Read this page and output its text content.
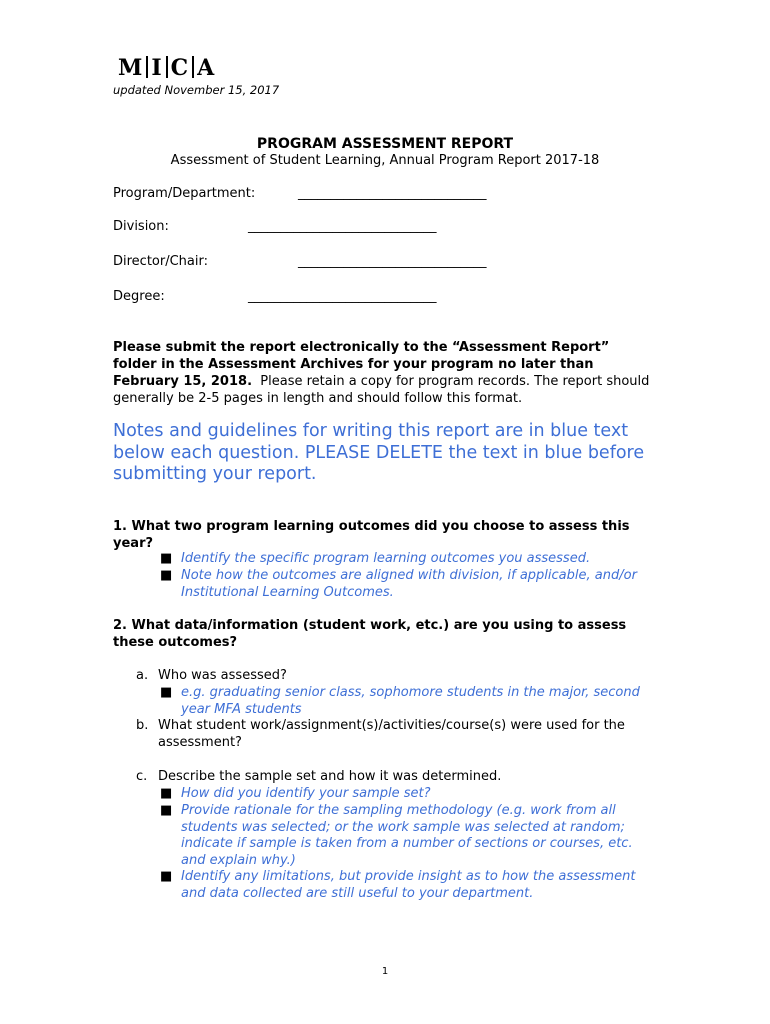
M I C A
updated November 15, 2017
PROGRAM ASSESSMENT REPORT
Assessment of Student Learning, Annual Program Report 2017-18
Program/Department:	_____________________________
Division:	_____________________________
Director/Chair:	_____________________________
Degree:	_____________________________
Please submit the report electronically to the “Assessment Report” folder in the Assessment Archives for your program no later than February 15, 2018. Please retain a copy for program records. The report should generally be 2-5 pages in length and should follow this format.
Notes and guidelines for writing this report are in blue text below each question. PLEASE DELETE the text in blue before submitting your report.
1. What two program learning outcomes did you choose to assess this year?
■ Identify the specific program learning outcomes you assessed.
■ Note how the outcomes are aligned with division, if applicable, and/or Institutional Learning Outcomes.
2. What data/information (student work, etc.) are you using to assess these outcomes?
a. Who was assessed?
■ e.g. graduating senior class, sophomore students in the major, second year MFA students
b. What student work/assignment(s)/activities/course(s) were used for the assessment?
c. Describe the sample set and how it was determined.
■ How did you identify your sample set?
■ Provide rationale for the sampling methodology (e.g. work from all students was selected; or the work sample was selected at random; indicate if sample is taken from a number of sections or courses, etc. and explain why.)
■ Identify any limitations, but provide insight as to how the assessment and data collected are still useful to your department.
1
